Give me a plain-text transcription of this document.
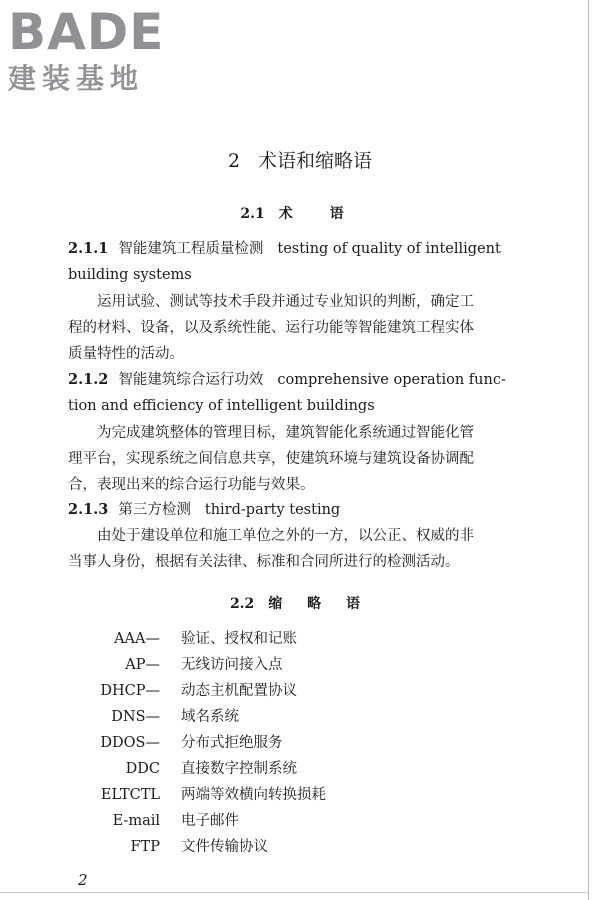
BADE
建装基地
2 术语和缩略语
2.1 术 语
2.1.1 智能建筑工程质量检测 testing of quality of intelligent
building systems
运用试验、测试等技术手段并通过专业知识的判断，确定工
程的材料、设备，以及系统性能、运行功能等智能建筑工程实体
质量特性的活动。
2.1.2 智能建筑综合运行功效 comprehensive operation func-
tion and efficiency of intelligent buildings
为完成建筑整体的管理目标，建筑智能化系统通过智能化管
理平台，实现系统之间信息共享，使建筑环境与建筑设备协调配
合，表现出来的综合运行功能与效果。
2.1.3 第三方检测 third-party testing
由处于建设单位和施工单位之外的一方，以公正、权威的非
当事人身份，根据有关法律、标准和合同所进行的检测活动。
2.2 缩 略 语
AAA— 验证、授权和记账
AP— 无线访问接入点
DHCP— 动态主机配置协议
DNS— 域名系统
DDOS— 分布式拒绝服务
DDC 直接数字控制系统
ELTCTL 两端等效横向转换损耗
E-mail 电子邮件
FTP 文件传输协议
2
